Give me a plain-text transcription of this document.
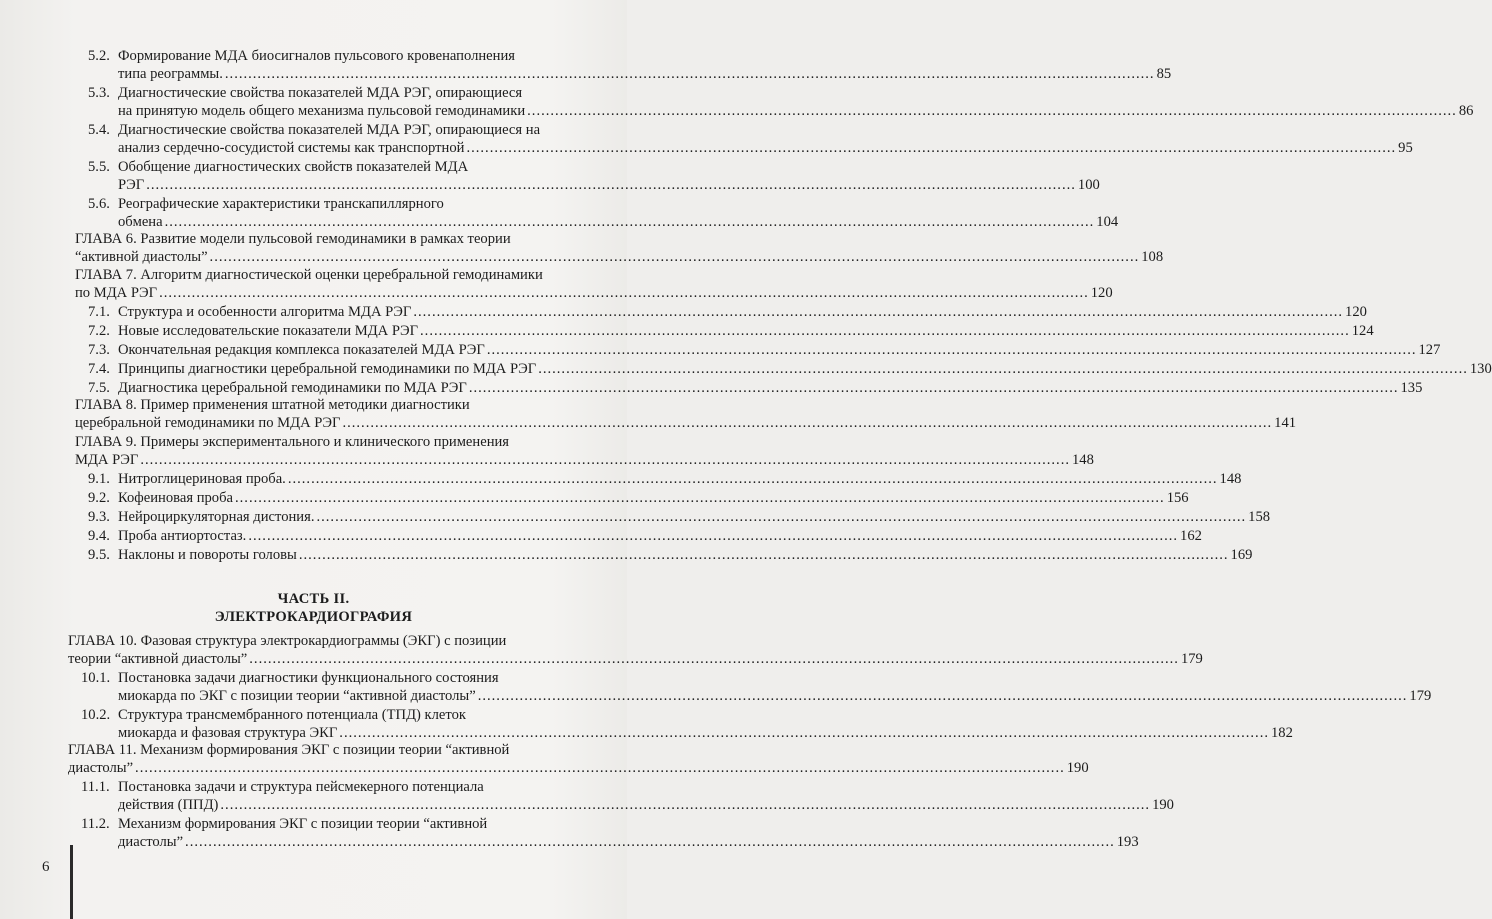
5.2. Формирование МДА биосигналов пульсового кровенаполнения
типа реограммы. ........................................................................................................................................................................................................ 85
5.3. Диагностические свойства показателей МДА РЭГ, опирающиеся
на принятую модель общего механизма пульсовой гемодинамики ........................................................................................................................................................................................................ 86
5.4. Диагностические свойства показателей МДА РЭГ, опирающиеся на
анализ сердечно-сосудистой системы как транспортной ........................................................................................................................................................................................................ 95
5.5. Обобщение диагностических свойств показателей МДА
РЭГ ........................................................................................................................................................................................................ 100
5.6. Реографические характеристики транскапиллярного
обмена ........................................................................................................................................................................................................ 104
ГЛАВА 6. Развитие модели пульсовой гемодинамики в рамках теории
“активной диастолы” ........................................................................................................................................................................................................ 108
ГЛАВА 7. Алгоритм диагностической оценки церебральной гемодинамики
по МДА РЭГ ........................................................................................................................................................................................................ 120
7.1. Структура и особенности алгоритма МДА РЭГ ........................................................................................................................................................................................................ 120
7.2. Новые исследовательские показатели МДА РЭГ ........................................................................................................................................................................................................ 124
7.3. Окончательная редакция комплекса показателей МДА РЭГ ........................................................................................................................................................................................................ 127
7.4. Принципы диагностики церебральной гемодинамики по МДА РЭГ ........................................................................................................................................................................................................ 130
7.5. Диагностика церебральной гемодинамики по МДА РЭГ ........................................................................................................................................................................................................ 135
ГЛАВА 8. Пример применения штатной методики диагностики
церебральной гемодинамики по МДА РЭГ ........................................................................................................................................................................................................ 141
ГЛАВА 9. Примеры экспериментального и клинического применения
МДА РЭГ ........................................................................................................................................................................................................ 148
9.1. Нитроглицериновая проба. ........................................................................................................................................................................................................ 148
9.2. Кофеиновая проба ........................................................................................................................................................................................................ 156
9.3. Нейроциркуляторная дистония. ........................................................................................................................................................................................................ 158
9.4. Проба антиортостаз. ........................................................................................................................................................................................................ 162
9.5. Наклоны и повороты головы ........................................................................................................................................................................................................ 169
ЧАСТЬ II.
ЭЛЕКТРОКАРДИОГРАФИЯ
ГЛАВА 10. Фазовая структура электрокардиограммы (ЭКГ) с позиции
теории “активной диастолы” ........................................................................................................................................................................................................ 179
10.1. Постановка задачи диагностики функционального состояния
миокарда по ЭКГ с позиции теории “активной диастолы” ........................................................................................................................................................................................................ 179
10.2. Структура трансмембранного потенциала (ТПД) клеток
миокарда и фазовая структура ЭКГ ........................................................................................................................................................................................................ 182
ГЛАВА 11. Механизм формирования ЭКГ с позиции теории “активной
диастолы” ........................................................................................................................................................................................................ 190
11.1. Постановка задачи и структура пейсмекерного потенциала
действия (ППД) ........................................................................................................................................................................................................ 190
11.2. Механизм формирования ЭКГ с позиции теории “активной
диастолы” ........................................................................................................................................................................................................ 193
6
